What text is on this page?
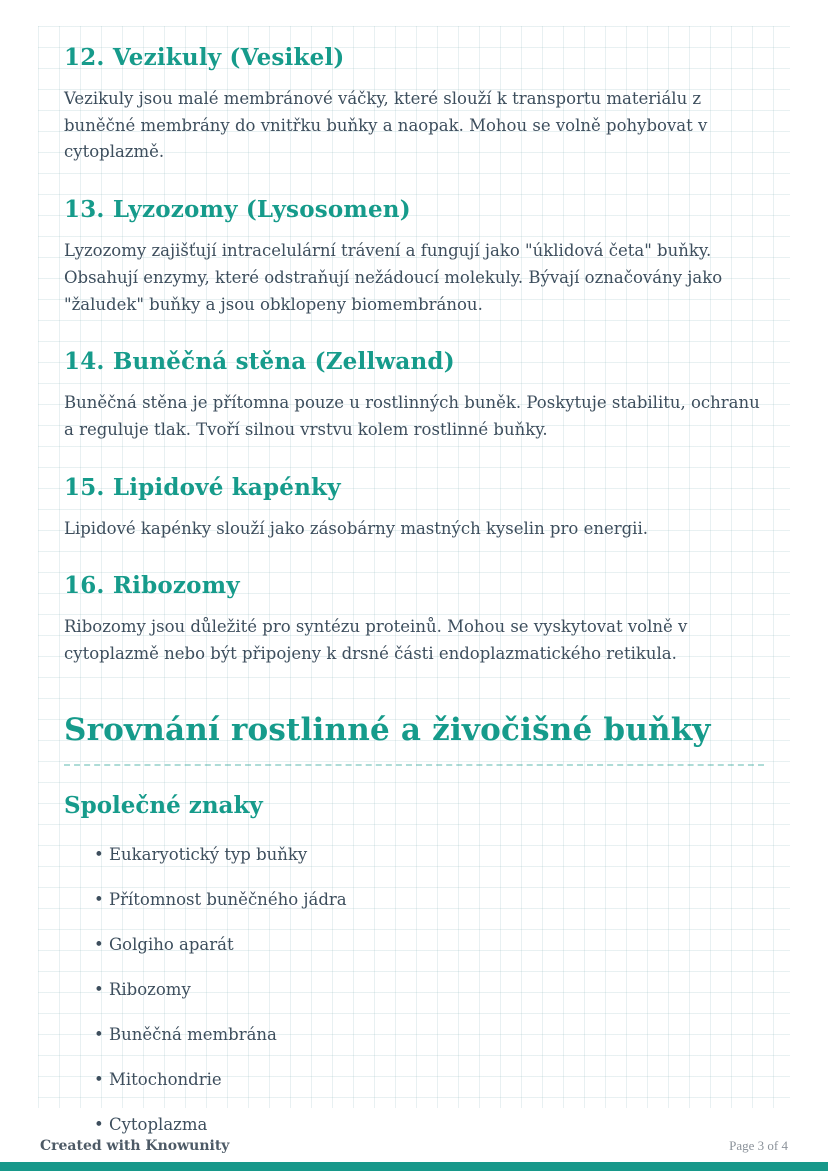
12. Vezikuly (Vesikel)

Vezikuly jsou malé membránové váčky, které slouží k transportu materiálu z buněčné membrány do vnitřku buňky a naopak. Mohou se volně pohybovat v cytoplazmě.

13. Lyzozomy (Lysosomen)

Lyzozomy zajišťují intracelulární trávení a fungují jako "úklidová četa" buňky. Obsahují enzymy, které odstraňují nežádoucí molekuly. Bývají označovány jako "žaludek" buňky a jsou obklopeny biomembránou.

14. Buněčná stěna (Zellwand)

Buněčná stěna je přítomna pouze u rostlinných buněk. Poskytuje stabilitu, ochranu a reguluje tlak. Tvoří silnou vrstvu kolem rostlinné buňky.

15. Lipidové kapénky

Lipidové kapénky slouží jako zásobárny mastných kyselin pro energii.

16. Ribozomy

Ribozomy jsou důležité pro syntézu proteinů. Mohou se vyskytovat volně v cytoplazmě nebo být připojeny k drsné části endoplazmatického retikula.

Srovnání rostlinné a živočišné buňky
Společné znaky
• Eukaryotický typ buňky
• Přítomnost buněčného jádra
• Golgiho aparát
• Ribozomy
• Buněčná membrána
• Mitochondrie
• Cytoplazma
Created with Knowunity	Page 3 of 4
